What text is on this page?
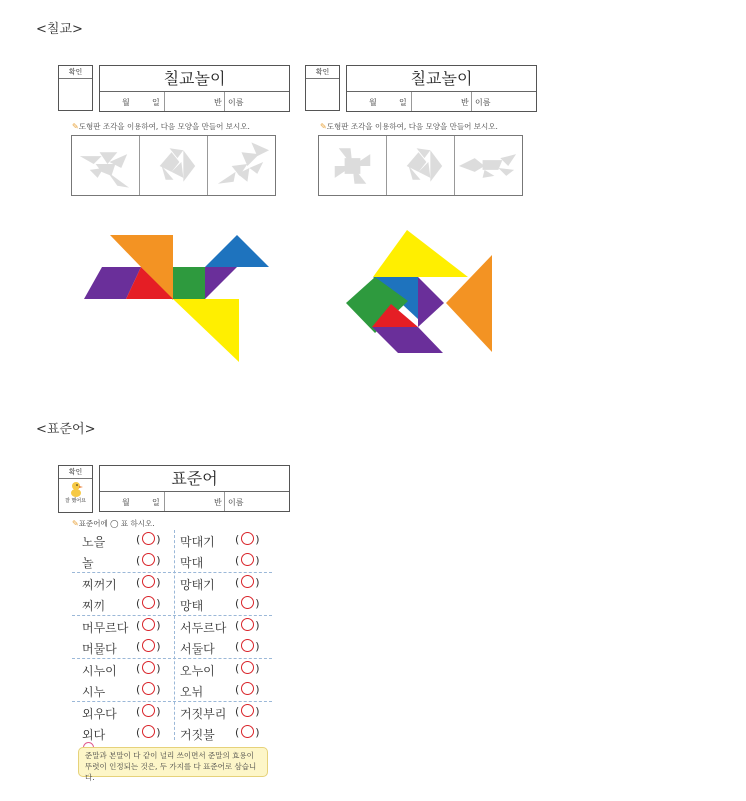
<칠교>
확인	칠교놀이
월	일	반 이름
✎도형판 조각을 이용하여, 다음 모양을 만들어 보시오.
확인	칠교놀이
월	일	반 이름
✎도형판 조각을 이용하여, 다음 모양을 만들어 보시오.
<표준어>
확인
잘 했어요
표준어
월	일	반 이름
✎표준어에 ◯ 표 하시오.
노을	(○) 막대기 (○)
놀	(○) 막대	(○)
찌꺼기 (○) 망태기 (○)
찌끼	(○) 망태	(○)
머무르다 (○) 서두르다 (○)
머물다 (○) 서둘다 (○)
시누이 (○) 오누이 (○)
시누	(○) 오뉘	(○)
외우다 (○) 거짓부리 (○)
외다	(○) 거짓불 (○)
준말과 본말이 다 같이 널리 쓰이면서 준말의 효용이 뚜렷이 인정되는 것은, 두 가지를 다 표준어로 삼습니다.
